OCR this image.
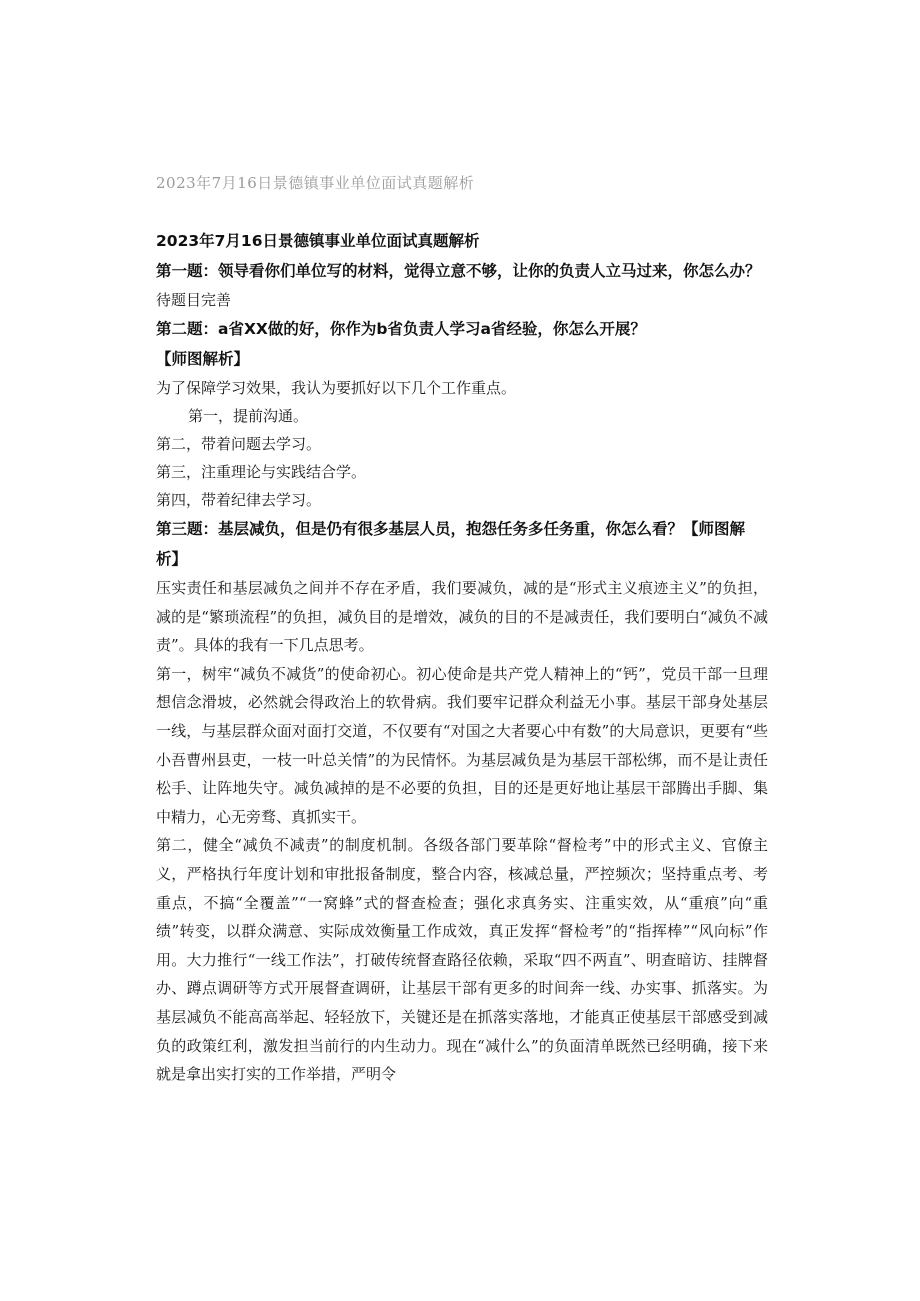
2023年7月16日景德镇事业单位面试真题解析

2023年7月16日景德镇事业单位面试真题解析

第一题：领导看你们单位写的材料，觉得立意不够，让你的负责人立马过来，你怎么办？

待题目完善

第二题：a省XX做的好，你作为b省负责人学习a省经验，你怎么开展？

【师图解析】

为了保障学习效果，我认为要抓好以下几个工作重点。

第一，提前沟通。

第二，带着问题去学习。

第三，注重理论与实践结合学。

第四，带着纪律去学习。

第三题：基层减负，但是仍有很多基层人员，抱怨任务多任务重，你怎么看？【师图解析】

压实责任和基层减负之间并不存在矛盾，我们要减负，减的是“形式主义痕迹主义”的负担，减的是“繁琐流程”的负担，减负目的是增效，减负的目的不是减责任，我们要明白“减负不减责”。具体的我有一下几点思考。

第一，树牢“减负不减货”的使命初心。初心使命是共产党人精神上的“钙”，党员干部一旦理想信念滑坡，必然就会得政治上的软骨病。我们要牢记群众利益无小事。基层干部身处基层一线，与基层群众面对面打交道，不仅要有“对国之大者要心中有数”的大局意识，更要有“些小吾曹州县吏，一枝一叶总关情”的为民情怀。为基层减负是为基层干部松绑，而不是让责任松手、让阵地失守。减负减掉的是不必要的负担，目的还是更好地让基层干部腾出手脚、集中精力，心无旁骛、真抓实干。

第二，健全“减负不减责”的制度机制。各级各部门要革除“督检考”中的形式主义、官僚主义，严格执行年度计划和审批报备制度，整合内容，核减总量，严控频次；坚持重点考、考重点，不搞“全覆盖”“一窝蜂”式的督查检查；强化求真务实、注重实效，从“重痕”向“重绩”转变，以群众满意、实际成效衡量工作成效，真正发挥“督检考”的“指挥棒”“风向标”作用。大力推行“一线工作法”，打破传统督查路径依赖，采取“四不两直”、明查暗访、挂牌督办、蹲点调研等方式开展督查调研，让基层干部有更多的时间奔一线、办实事、抓落实。为基层减负不能高高举起、轻轻放下，关键还是在抓落实落地，才能真正使基层干部感受到减负的政策红利，激发担当前行的内生动力。现在“减什么”的负面清单既然已经明确，接下来就是拿出实打实的工作举措，严明令
